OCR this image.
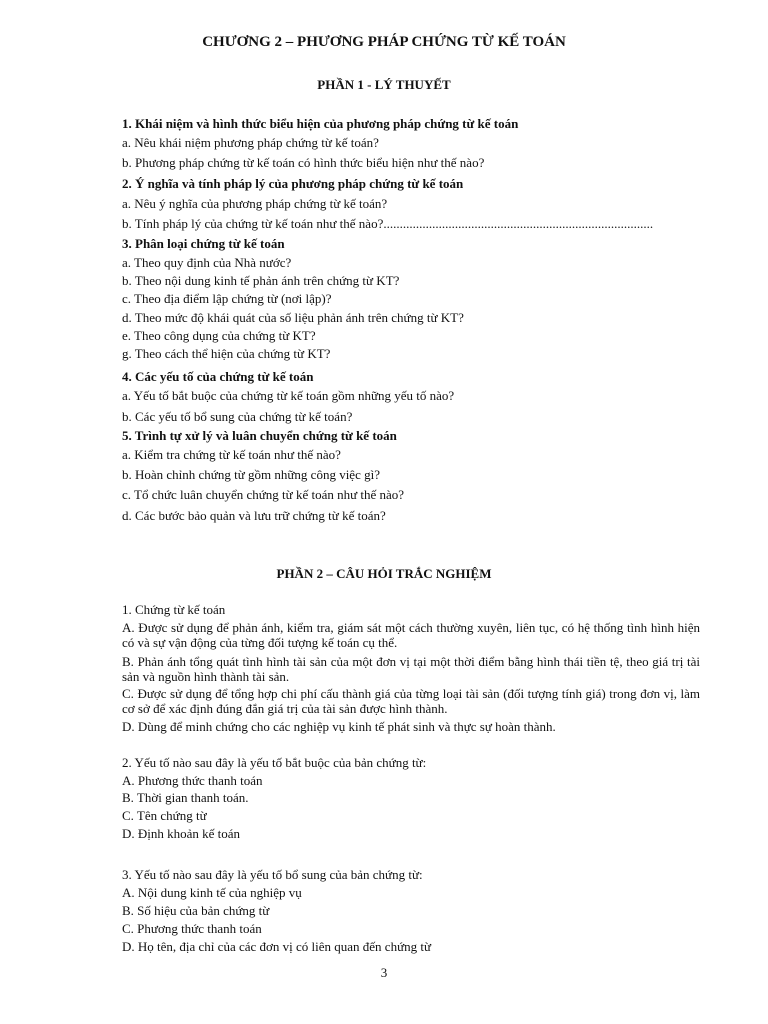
CHƯƠNG 2 – PHƯƠNG PHÁP CHỨNG TỪ KẾ TOÁN
PHẦN 1 - LÝ THUYẾT

1. Khái niệm và hình thức biểu hiện của phương pháp chứng từ kế toán

a. Nêu khái niệm phương pháp chứng từ kế toán?

b. Phương pháp chứng từ kế toán có hình thức biểu hiện như thế nào?

2. Ý nghĩa và tính pháp lý của phương pháp chứng từ kế toán

a. Nêu ý nghĩa của phương pháp chứng từ kế toán?

b. Tính pháp lý của chứng từ kế toán như thế nào?...................................................................................

3. Phân loại chứng từ kế toán

a. Theo quy định của Nhà nước?

b. Theo nội dung kinh tế phản ánh trên chứng từ KT?

c. Theo địa điểm lập chứng từ (nơi lập)?

d. Theo mức độ khái quát của số liệu phản ánh trên chứng từ KT?

e. Theo công dụng của chứng từ KT?

g. Theo cách thể hiện của chứng từ KT?

4. Các yếu tố của chứng từ kế toán

a. Yếu tố bắt buộc của chứng từ kế toán gồm những yếu tố nào?

b. Các yếu tố bổ sung của chứng từ kế toán?

5. Trình tự xử lý và luân chuyển chứng từ kế toán

a. Kiểm tra chứng từ kế toán như thế nào?

b. Hoàn chỉnh chứng từ gồm những công việc gì?

c. Tổ chức luân chuyển chứng từ kế toán như thế nào?

d. Các bước bảo quản và lưu trữ chứng từ kế toán?

PHẦN 2 – CÂU HỎI TRẮC NGHIỆM

1. Chứng từ kế toán

A. Được sử dụng để phản ánh, kiểm tra, giám sát một cách thường xuyên, liên tục, có hệ thống tình hình hiện có và sự vận động của từng đối tượng kế toán cụ thể.

B. Phản ánh tổng quát tình hình tài sản của một đơn vị tại một thời điểm bằng hình thái tiền tệ, theo giá trị tài sản và nguồn hình thành tài sản.

C. Được sử dụng để tổng hợp chi phí cấu thành giá của từng loại tài sản (đối tượng tính giá) trong đơn vị, làm cơ sở để xác định đúng đắn giá trị của tài sản được hình thành.

D. Dùng để minh chứng cho các nghiệp vụ kinh tế phát sinh và thực sự hoàn thành.

2. Yếu tố nào sau đây là yếu tố bắt buộc của bản chứng từ:

A. Phương thức thanh toán

B. Thời gian thanh toán.

C. Tên chứng từ

D. Định khoản kế toán

3. Yếu tố nào sau đây là yếu tố bổ sung của bản chứng từ:

A. Nội dung kinh tế của nghiệp vụ

B. Số hiệu của bản chứng từ

C. Phương thức thanh toán

D. Họ tên, địa chỉ của các đơn vị có liên quan đến chứng từ

3
